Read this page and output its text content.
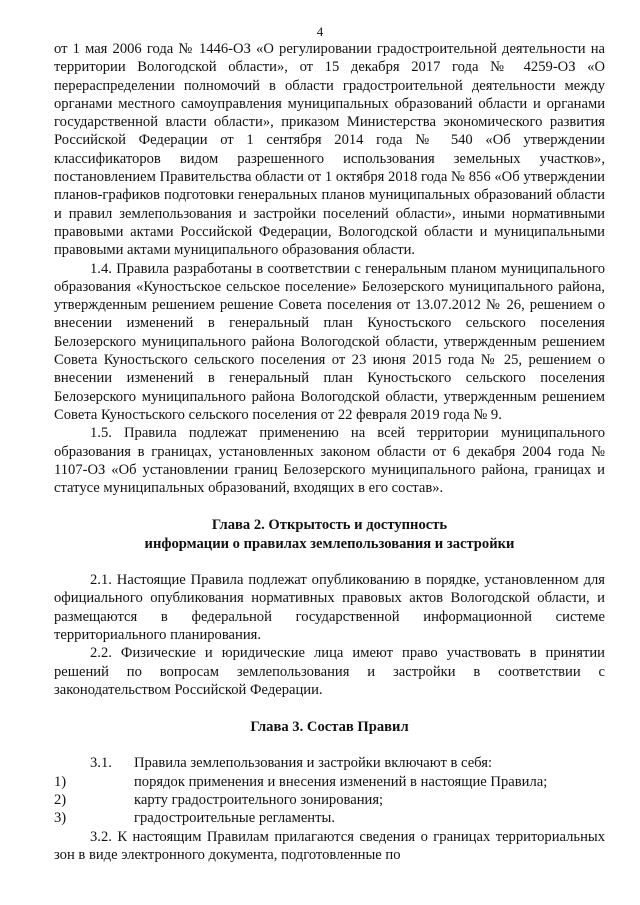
4

от 1 мая 2006 года № 1446-ОЗ «О регулировании градостроительной деятельности на территории Вологодской области», от 15 декабря 2017 года № 4259-ОЗ «О перераспределении полномочий в области градостроительной деятельности между органами местного самоуправления муниципальных образований области и органами государственной власти области», приказом Министерства экономического развития Российской Федерации от 1 сентября 2014 года № 540 «Об утверждении классификаторов видом разрешенного использования земельных участков», постановлением Правительства области от 1 октября 2018 года № 856 «Об утверждении планов-графиков подготовки генеральных планов муниципальных образований области и правил землепользования и застройки поселений области», иными нормативными правовыми актами Российской Федерации, Вологодской области и муниципальными правовыми актами муниципального образования области.

1.4. Правила разработаны в соответствии с генеральным планом муниципального образования «Куностьское сельское поселение» Белозерского муниципального района, утвержденным решением решение Совета поселения от 13.07.2012 № 26, решением о внесении изменений в генеральный план Куностьского сельского поселения Белозерского муниципального района Вологодской области, утвержденным решением Совета Куностьского сельского поселения от 23 июня 2015 года № 25, решением о внесении изменений в генеральный план Куностьского сельского поселения Белозерского муниципального района Вологодской области, утвержденным решением Совета Куностьского сельского поселения от 22 февраля 2019 года № 9.

1.5. Правила подлежат применению на всей территории муниципального образования в границах, установленных законом области от 6 декабря 2004 года № 1107-ОЗ «Об установлении границ Белозерского муниципального района, границах и статусе муниципальных образований, входящих в его состав».

Глава 2. Открытость и доступность

информации о правилах землепользования и застройки

2.1. Настоящие Правила подлежат опубликованию в порядке, установленном для официального опубликования нормативных правовых актов Вологодской области, и размещаются в федеральной государственной информационной системе территориального планирования.

2.2. Физические и юридические лица имеют право участвовать в принятии решений по вопросам землепользования и застройки в соответствии с законодательством Российской Федерации.

Глава 3. Состав Правил

3.1.	Правила землепользования и застройки включают в себя:
1)	порядок применения и внесения изменений в настоящие Правила;
2)	карту градостроительного зонирования;
3)	градостроительные регламенты.

3.2. К настоящим Правилам прилагаются сведения о границах территориальных зон в виде электронного документа, подготовленные по
